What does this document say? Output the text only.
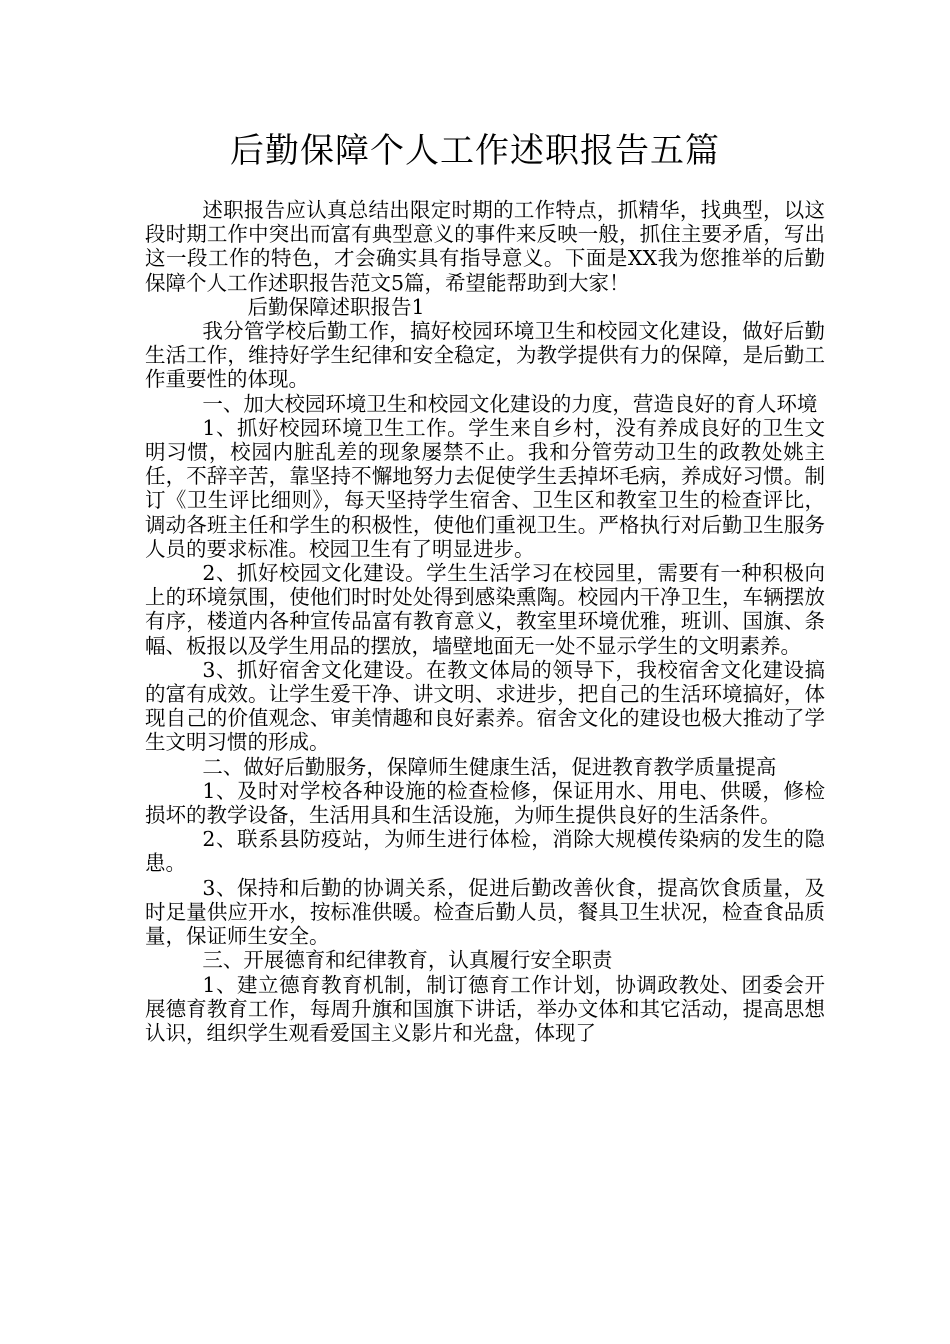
后勤保障个人工作述职报告五篇

述职报告应认真总结出限定时期的工作特点，抓精华，找典型，以这段时期工作中突出而富有典型意义的事件来反映一般，抓住主要矛盾，写出这一段工作的特色，才会确实具有指导意义。下面是XX我为您推举的后勤保障个人工作述职报告范文5篇，希望能帮助到大家！

后勤保障述职报告1

我分管学校后勤工作，搞好校园环境卫生和校园文化建设，做好后勤生活工作，维持好学生纪律和安全稳定，为教学提供有力的保障，是后勤工作重要性的体现。

一、加大校园环境卫生和校园文化建设的力度，营造良好的育人环境

1、抓好校园环境卫生工作。学生来自乡村，没有养成良好的卫生文明习惯，校园内脏乱差的现象屡禁不止。我和分管劳动卫生的政教处姚主任，不辞辛苦，靠坚持不懈地努力去促使学生丢掉坏毛病，养成好习惯。制订《卫生评比细则》，每天坚持学生宿舍、卫生区和教室卫生的检查评比，调动各班主任和学生的积极性，使他们重视卫生。严格执行对后勤卫生服务人员的要求标准。校园卫生有了明显进步。

2、抓好校园文化建设。学生生活学习在校园里，需要有一种积极向上的环境氛围，使他们时时处处得到感染熏陶。校园内干净卫生，车辆摆放有序，楼道内各种宣传品富有教育意义，教室里环境优雅，班训、国旗、条幅、板报以及学生用品的摆放，墙壁地面无一处不显示学生的文明素养。

3、抓好宿舍文化建设。在教文体局的领导下，我校宿舍文化建设搞的富有成效。让学生爱干净、讲文明、求进步，把自己的生活环境搞好，体现自己的价值观念、审美情趣和良好素养。宿舍文化的建设也极大推动了学生文明习惯的形成。

二、做好后勤服务，保障师生健康生活，促进教育教学质量提高

1、及时对学校各种设施的检查检修，保证用水、用电、供暖，修检损坏的教学设备，生活用具和生活设施，为师生提供良好的生活条件。

2、联系县防疫站，为师生进行体检，消除大规模传染病的发生的隐患。

3、保持和后勤的协调关系，促进后勤改善伙食，提高饮食质量，及时足量供应开水，按标准供暖。检查后勤人员，餐具卫生状况，检查食品质量，保证师生安全。

三、开展德育和纪律教育，认真履行安全职责

1、建立德育教育机制，制订德育工作计划，协调政教处、团委会开展德育教育工作，每周升旗和国旗下讲话，举办文体和其它活动，提高思想认识，组织学生观看爱国主义影片和光盘，体现了
